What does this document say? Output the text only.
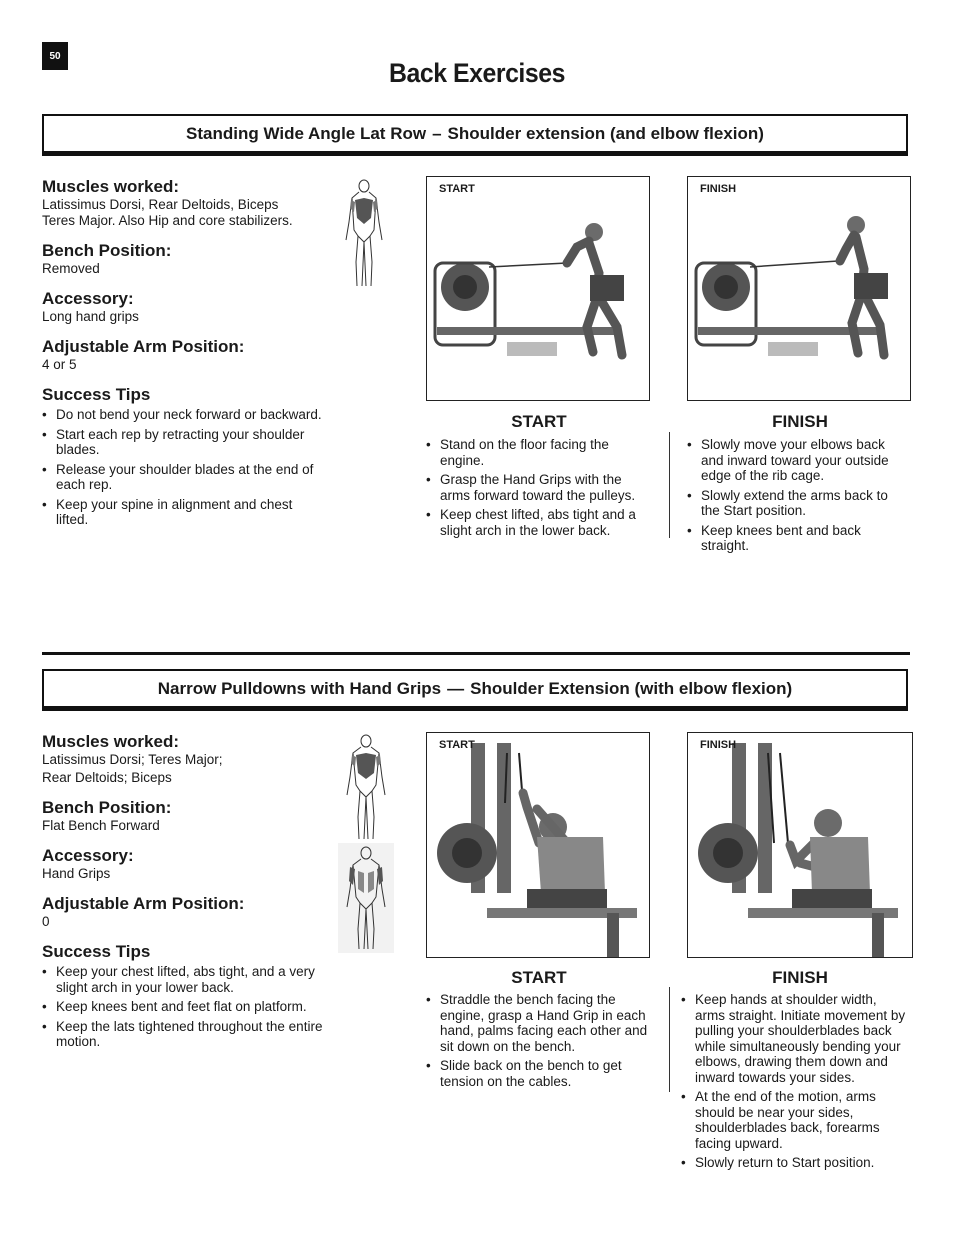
50
Back Exercises
Standing Wide Angle Lat Row – Shoulder extension (and elbow flexion)

Muscles worked:

Latissimus Dorsi, Rear Deltoids, Biceps

Teres Major. Also Hip and core stabilizers.

Bench Position:

Removed

Accessory:

Long hand grips

Adjustable Arm Position:

4 or 5

Success Tips

• Do not bend your neck forward or backward.
• Start each rep by retracting your shoulder blades.
• Release your shoulder blades at the end of each rep.
• Keep your spine in alignment and chest lifted.
START	FINISH
START	FINISH
• Stand on the floor facing the engine.
• Grasp the Hand Grips with the arms forward toward the pulleys.
• Keep chest lifted, abs tight and a slight arch in the lower back.
• Slowly move your elbows back and inward toward your outside edge of the rib cage.
• Slowly extend the arms back to the Start position.
• Keep knees bent and back straight.
Narrow Pulldowns with Hand Grips — Shoulder Extension (with elbow flexion)

Muscles worked:

Latissimus Dorsi; Teres Major;

Rear Deltoids; Biceps

Bench Position:

Flat Bench Forward

Accessory:

Hand Grips

Adjustable Arm Position:

0

Success Tips

• Keep your chest lifted, abs tight, and a very slight arch in your lower back.
• Keep knees bent and feet flat on platform.
• Keep the lats tightened throughout the entire motion.
START	FINISH
START	FINISH
• Straddle the bench facing the engine, grasp a Hand Grip in each hand, palms facing each other and sit down on the bench.
• Slide back on the bench to get tension on the cables.
• Keep hands at shoulder width, arms straight. Initiate movement by pulling your shoulderblades back while simultaneously bending your elbows, drawing them down and inward towards your sides.
• At the end of the motion, arms should be near your sides, shoulderblades back, forearms facing upward.
• Slowly return to Start position.
